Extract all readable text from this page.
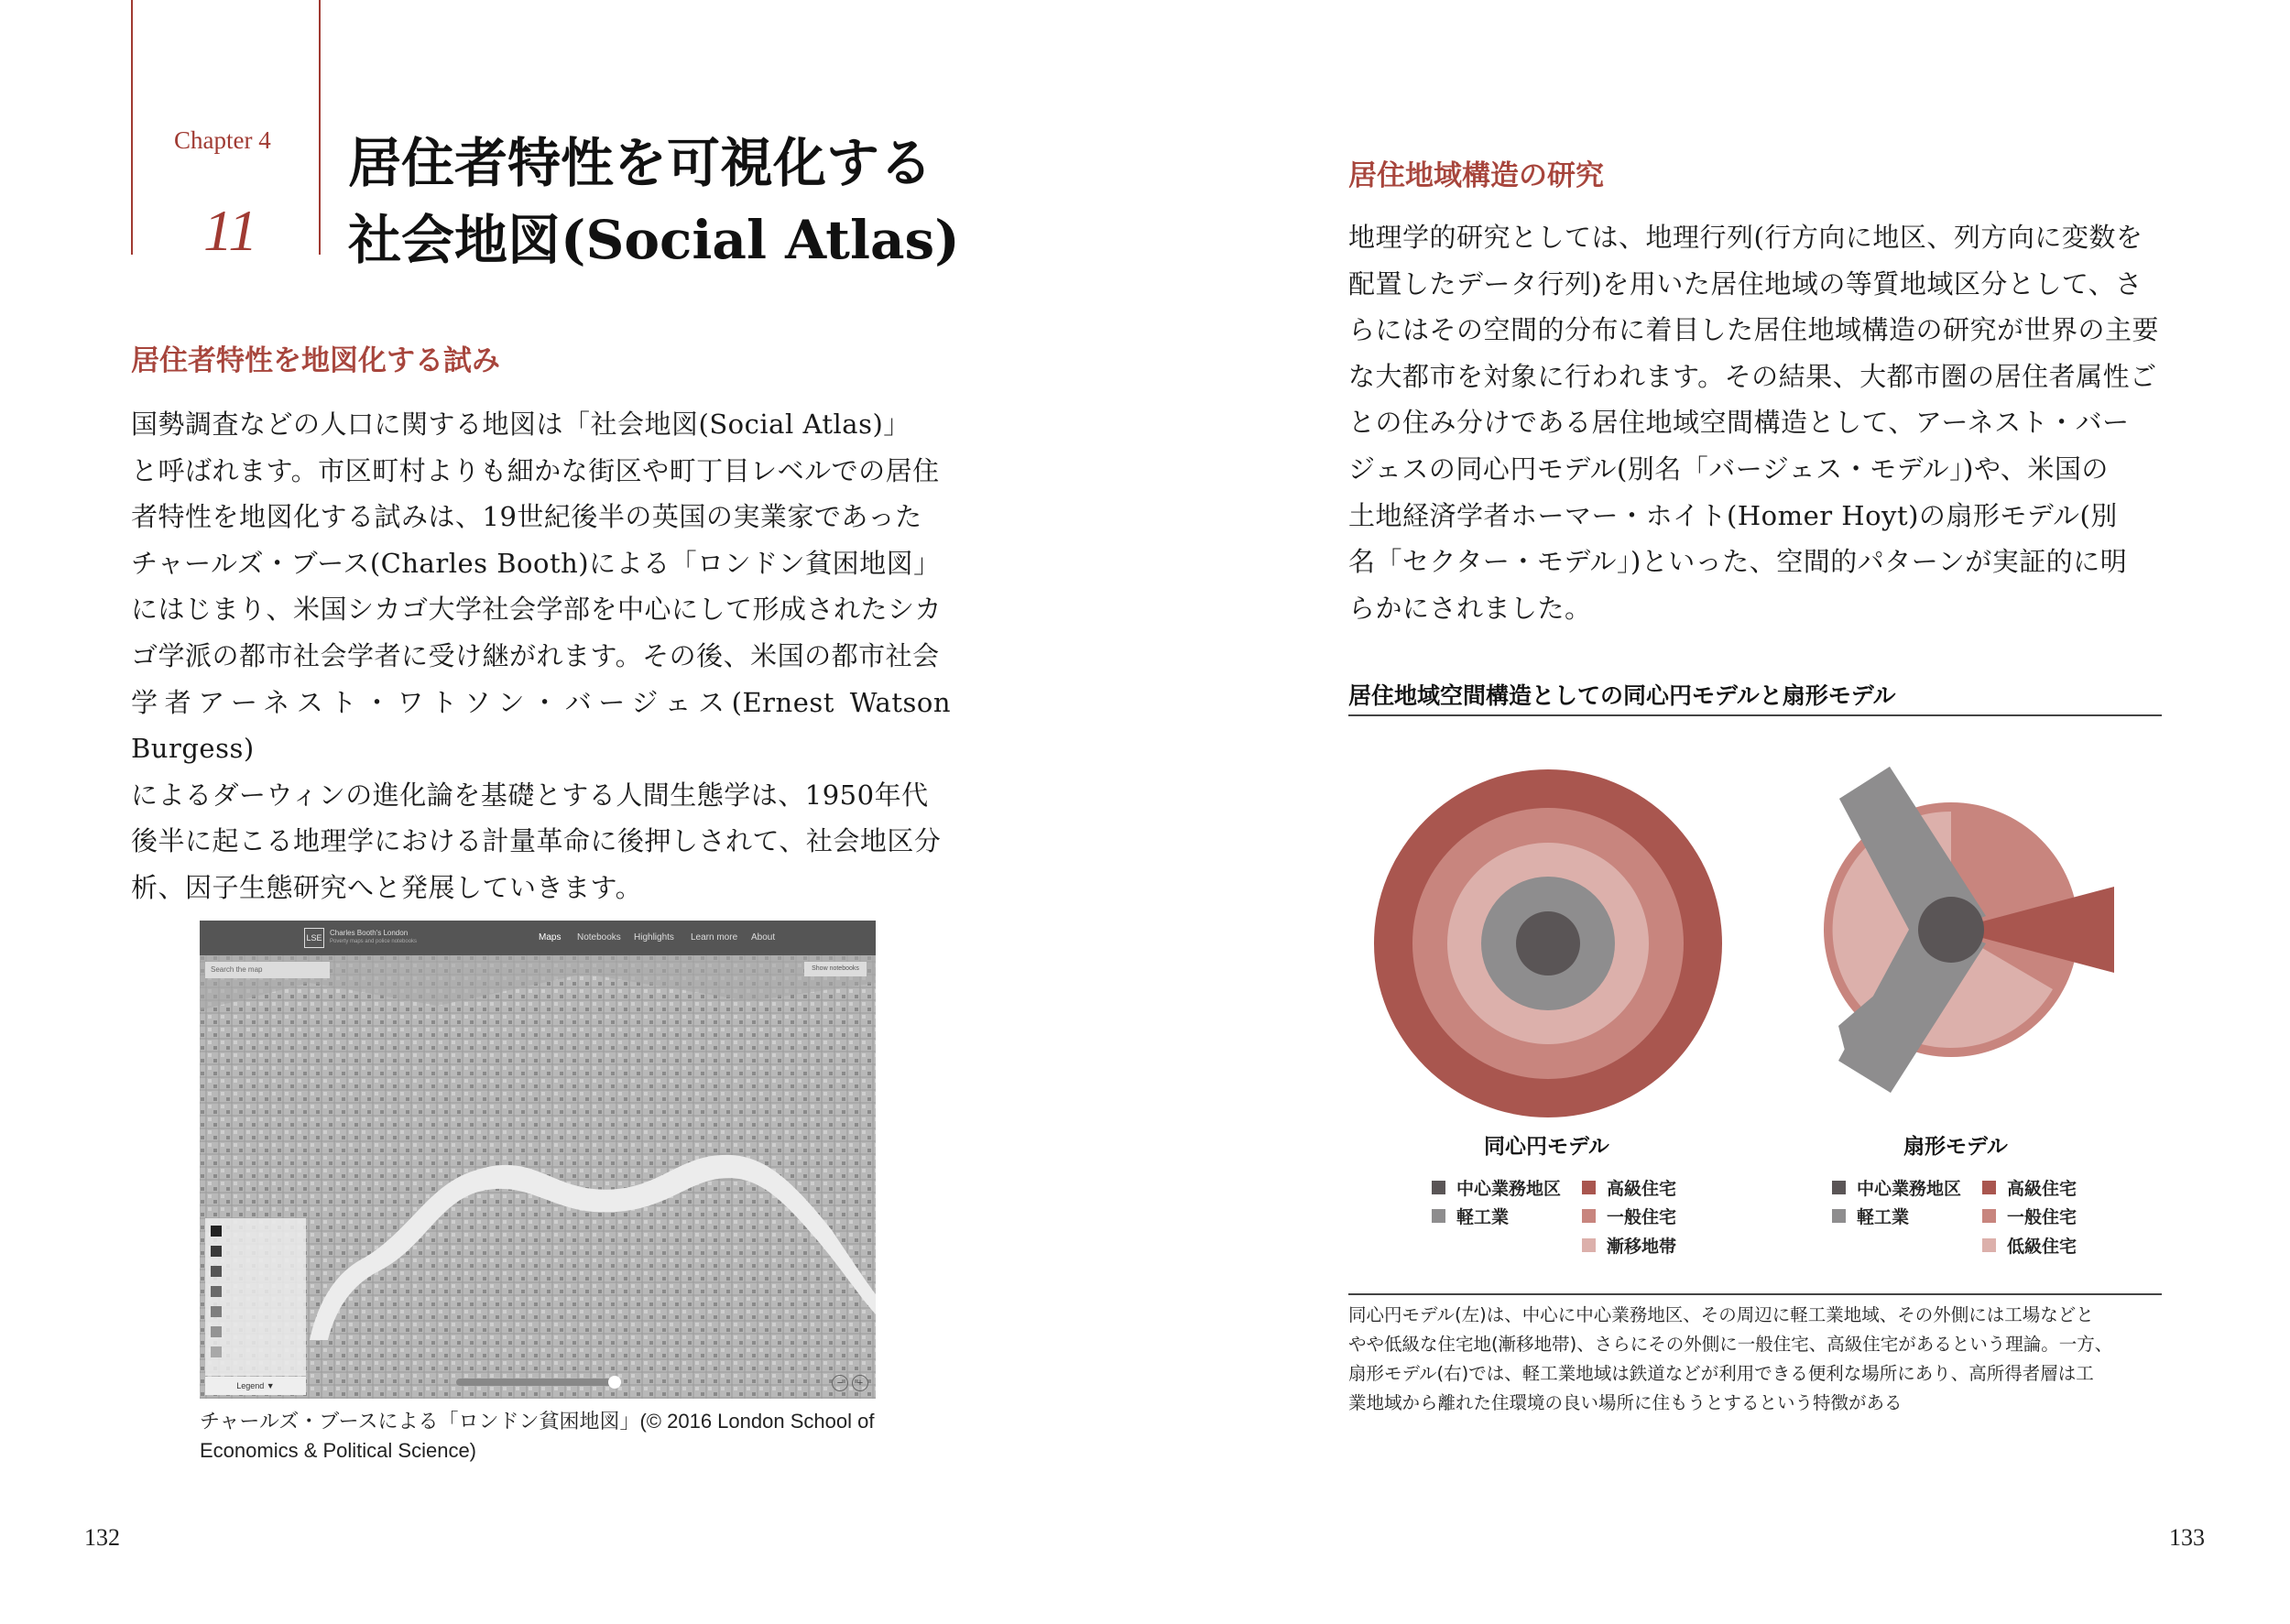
Chapter 4
11
居住者特性を可視化する
社会地図(Social Atlas)
居住者特性を地図化する試み

国勢調査などの人口に関する地図は「社会地図(Social Atlas)」

と呼ばれます。市区町村よりも細かな街区や町丁目レベルでの居住

者特性を地図化する試みは、19世紀後半の英国の実業家であった

チャールズ・ブース(Charles Booth)による「ロンドン貧困地図」

にはじまり、米国シカゴ大学社会学部を中心にして形成されたシカ

ゴ学派の都市社会学者に受け継がれます。その後、米国の都市社会

学者アーネスト・ワトソン・バージェス(Ernest Watson Burgess)

によるダーウィンの進化論を基礎とする人間生態学は、1950年代

後半に起こる地理学における計量革命に後押しされて、社会地区分

析、因子生態研究へと発展していきます。

LSE
Charles Booth's London
Poverty maps and police notebooks	Maps Notebooks Highlights Learn more About
Search the map	Show notebooks
Legend ▼	−	+

チャールズ・ブースによる「ロンドン貧困地図」(© 2016 London School of

Economics & Political Science)

132
居住地域構造の研究

地理学的研究としては、地理行列(行方向に地区、列方向に変数を

配置したデータ行列)を用いた居住地域の等質地域区分として、さ

らにはその空間的分布に着目した居住地域構造の研究が世界の主要

な大都市を対象に行われます。その結果、大都市圏の居住者属性ご

との住み分けである居住地域空間構造として、アーネスト・バー

ジェスの同心円モデル(別名「バージェス・モデル」)や、米国の

土地経済学者ホーマー・ホイト(Homer Hoyt)の扇形モデル(別

名「セクター・モデル」)といった、空間的パターンが実証的に明

らかにされました。

居住地域空間構造としての同心円モデルと扇形モデル
同心円モデル	扇形モデル
中心業務地区	高級住宅
軽工業	一般住宅
漸移地帯
中心業務地区	高級住宅
軽工業	一般住宅
低級住宅

同心円モデル(左)は、中心に中心業務地区、その周辺に軽工業地域、その外側には工場などと

やや低級な住宅地(漸移地帯)、さらにその外側に一般住宅、高級住宅があるという理論。一方、

扇形モデル(右)では、軽工業地域は鉄道などが利用できる便利な場所にあり、高所得者層は工

業地域から離れた住環境の良い場所に住もうとするという特徴がある

133
